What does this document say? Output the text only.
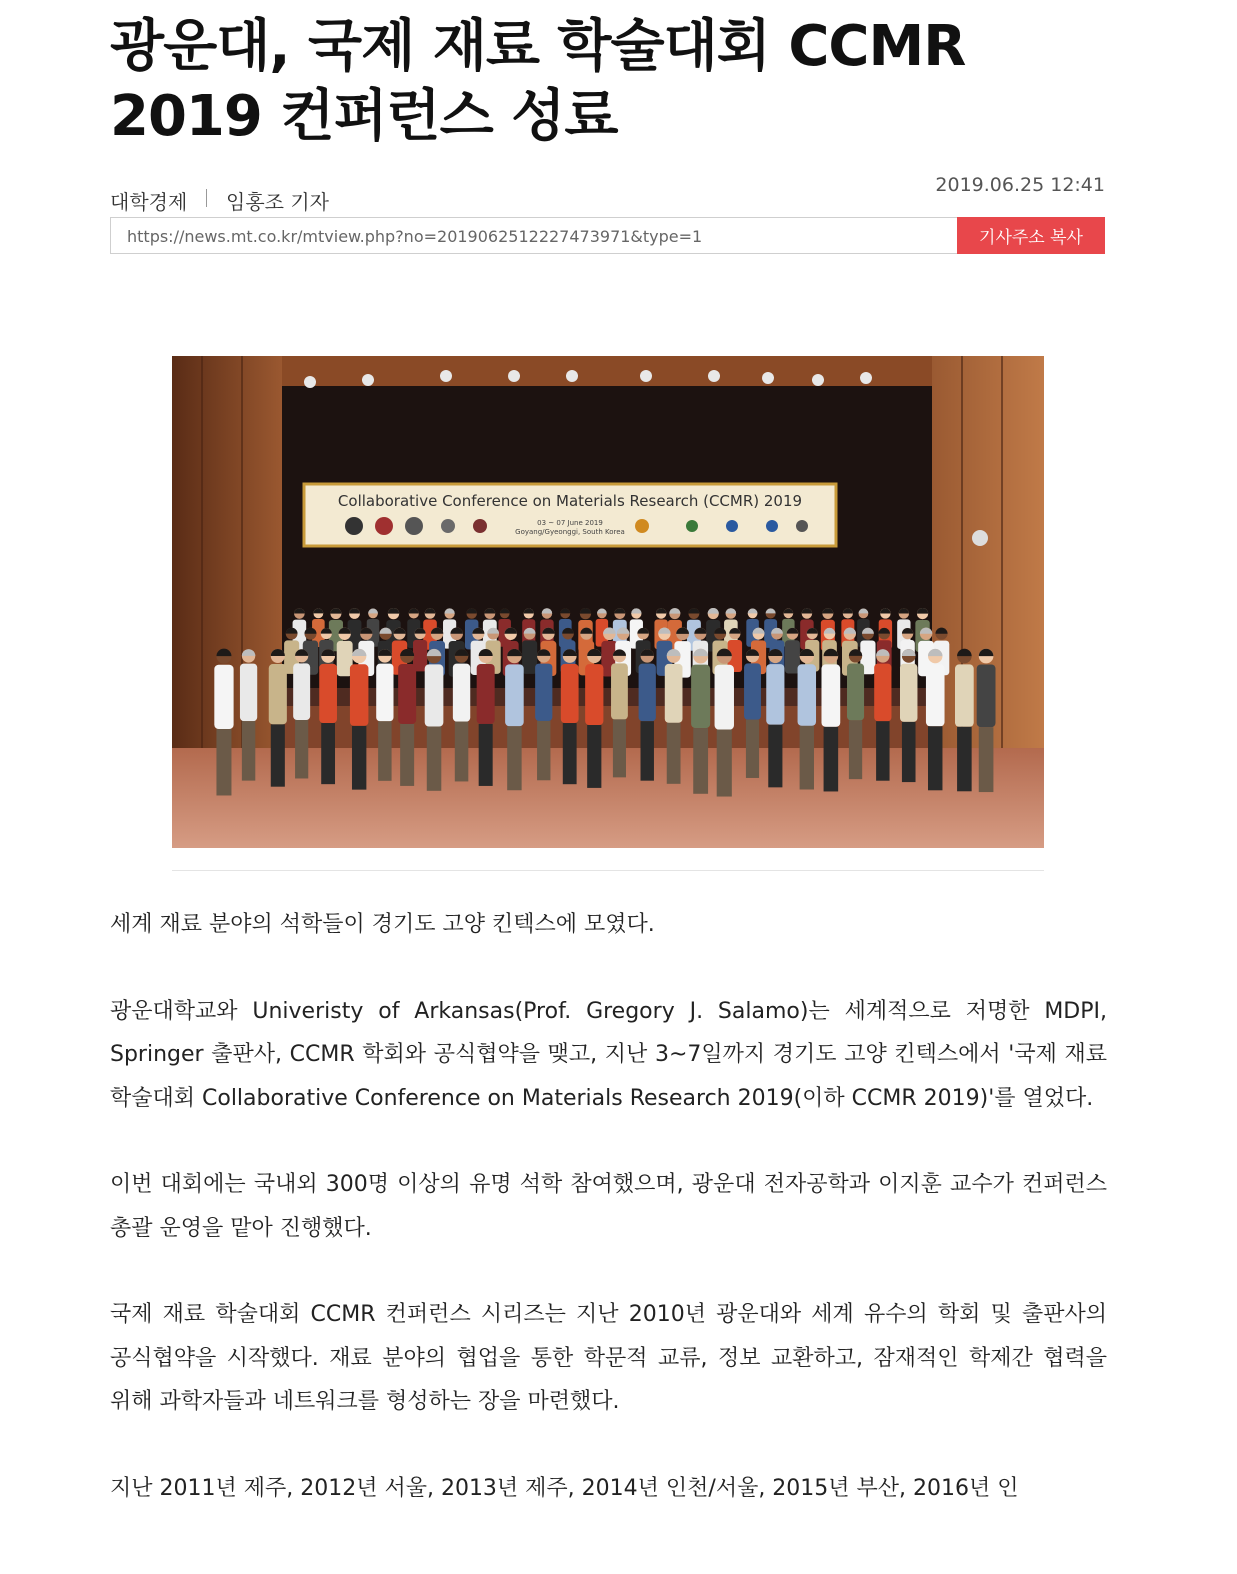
광운대, 국제 재료 학술대회 CCMR 2019 컨퍼런스 성료
대학경제 임홍조 기자
2019.06.25 12:41
https://news.mt.co.kr/mtview.php?no=2019062512227473971&type=1	기사주소 복사
Collaborative Conference on Materials Research (CCMR) 2019
03 ~ 07 June 2019
Goyang/Gyeonggi, South Korea

세계 재료 분야의 석학들이 경기도 고양 킨텍스에 모였다.

광운대학교와 Univeristy of Arkansas(Prof. Gregory J. Salamo)는 세계적으로 저명한 MDPI, Springer 출판사, CCMR 학회와 공식협약을 맺고, 지난 3~7일까지 경기도 고양 킨텍스에서 '국제 재료 학술대회 Collaborative Conference on Materials Research 2019(이하 CCMR 2019)'를 열었다.

이번 대회에는 국내외 300명 이상의 유명 석학 참여했으며, 광운대 전자공학과 이지훈 교수가 컨퍼런스 총괄 운영을 맡아 진행했다.

국제 재료 학술대회 CCMR 컨퍼런스 시리즈는 지난 2010년 광운대와 세계 유수의 학회 및 출판사의 공식협약을 시작했다. 재료 분야의 협업을 통한 학문적 교류, 정보 교환하고, 잠재적인 학제간 협력을 위해 과학자들과 네트워크를 형성하는 장을 마련했다.

지난 2011년 제주, 2012년 서울, 2013년 제주, 2014년 인천/서울, 2015년 부산, 2016년 인
